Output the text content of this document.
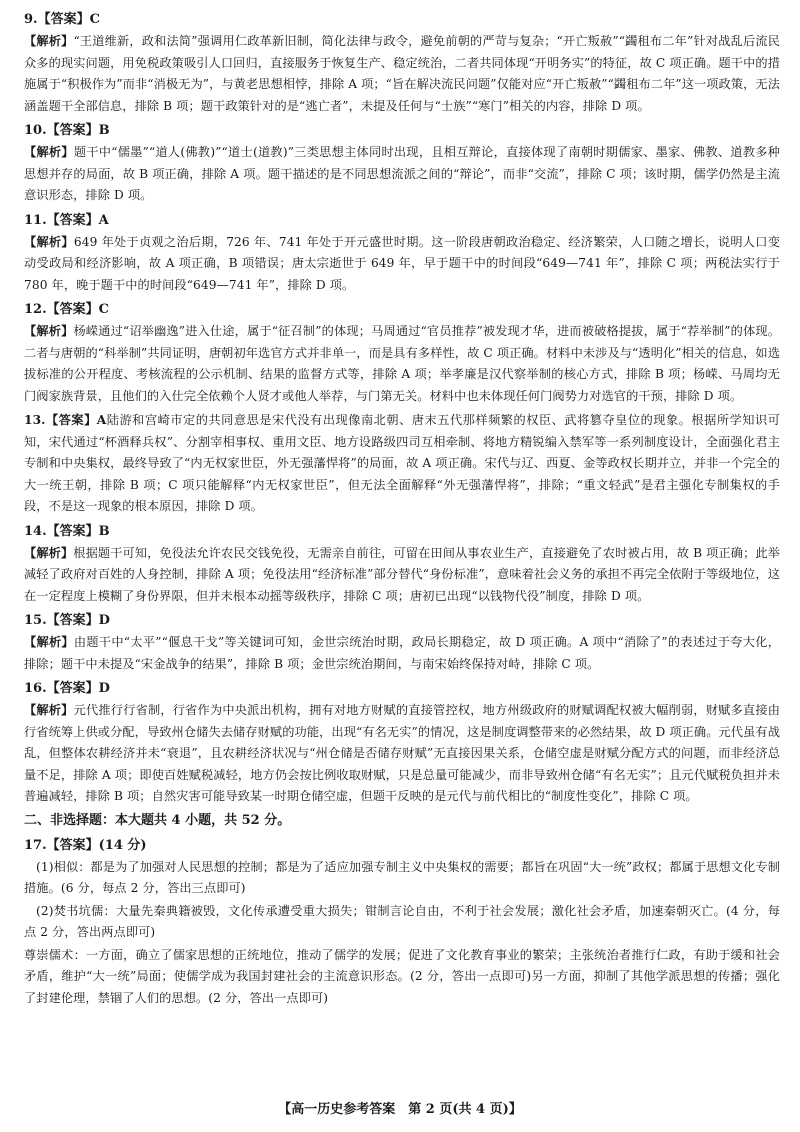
9.【答案】C

【解析】“王道维新，政和法简”强调用仁政革新旧制，简化法律与政令，避免前朝的严苛与复杂；“开亡叛赦”“蠲租布二年”针对战乱后流民众多的现实问题，用免税政策吸引人口回归，直接服务于恢复生产、稳定统治，二者共同体现“开明务实”的特征，故 C 项正确。题干中的措施属于“积极作为”而非“消极无为”，与黄老思想相悖，排除 A 项；“旨在解决流民问题”仅能对应“开亡叛赦”“蠲租布二年”这一项政策，无法涵盖题干全部信息，排除 B 项；题干政策针对的是“逃亡者”，未提及任何与“士族”“寒门”相关的内容，排除 D 项。

10.【答案】B

【解析】题干中“儒墨”“道人(佛教)”“道士(道教)”三类思想主体同时出现，且相互辩论，直接体现了南朝时期儒家、墨家、佛教、道教多种思想并存的局面，故 B 项正确，排除 A 项。题干描述的是不同思想流派之间的“辩论”，而非“交流”，排除 C 项；该时期，儒学仍然是主流意识形态，排除 D 项。

11.【答案】A

【解析】649 年处于贞观之治后期，726 年、741 年处于开元盛世时期。这一阶段唐朝政治稳定、经济繁荣，人口随之增长，说明人口变动受政局和经济影响，故 A 项正确，B 项错误；唐太宗逝世于 649 年，早于题干中的时间段“649—741 年”，排除 C 项；两税法实行于 780 年，晚于题干中的时间段“649—741 年”，排除 D 项。

12.【答案】C

【解析】杨嵘通过“诏举幽逸”进入仕途，属于“征召制”的体现；马周通过“官员推荐”被发现才华，进而被破格提拔，属于“荐举制”的体现。二者与唐朝的“科举制”共同证明，唐朝初年选官方式并非单一，而是具有多样性，故 C 项正确。材料中未涉及与“透明化”相关的信息，如选拔标准的公开程度、考核流程的公示机制、结果的监督方式等，排除 A 项；举孝廉是汉代察举制的核心方式，排除 B 项；杨嵘、马周均无门阀家族背景，且他们的入仕完全依赖个人贤才或他人举荐，与门第无关。材料中也未体现任何门阀势力对选官的干预，排除 D 项。

13.【答案】A陆游和宫崎市定的共同意思是宋代没有出现像南北朝、唐末五代那样频繁的权臣、武将篡夺皇位的现象。根据所学知识可知，宋代通过“杯酒释兵权”、分割宰相事权、重用文臣、地方设路级四司互相牵制、将地方精锐编入禁军等一系列制度设计，全面强化君主专制和中央集权，最终导致了“内无权家世臣，外无强藩悍将”的局面，故 A 项正确。宋代与辽、西夏、金等政权长期并立，并非一个完全的大一统王朝，排除 B 项；C 项只能解释“内无权家世臣”，但无法全面解释“外无强藩悍将”，排除；“重文轻武”是君主强化专制集权的手段，不是这一现象的根本原因，排除 D 项。

14.【答案】B

【解析】根据题干可知，免役法允许农民交钱免役，无需亲自前往，可留在田间从事农业生产，直接避免了农时被占用，故 B 项正确；此举减轻了政府对百姓的人身控制，排除 A 项；免役法用“经济标准”部分替代“身份标准”，意味着社会义务的承担不再完全依附于等级地位，这在一定程度上模糊了身份界限，但并未根本动摇等级秩序，排除 C 项；唐初已出现“以钱物代役”制度，排除 D 项。

15.【答案】D

【解析】由题干中“太平”“偃息干戈”等关键词可知，金世宗统治时期，政局长期稳定，故 D 项正确。A 项中“消除了”的表述过于夸大化，排除；题干中未提及“宋金战争的结果”，排除 B 项；金世宗统治期间，与南宋始终保持对峙，排除 C 项。

16.【答案】D

【解析】元代推行行省制，行省作为中央派出机构，拥有对地方财赋的直接管控权，地方州级政府的财赋调配权被大幅削弱，财赋多直接由行省统筹上供或分配，导致州仓储失去储存财赋的功能，出现“有名无实”的情况，这是制度调整带来的必然结果，故 D 项正确。元代虽有战乱，但整体农耕经济并未“衰退”，且农耕经济状况与“州仓储是否储存财赋”无直接因果关系，仓储空虚是财赋分配方式的问题，而非经济总量不足，排除 A 项；即使百姓赋税减轻，地方仍会按比例收取财赋，只是总量可能减少，而非导致州仓储“有名无实”；且元代赋税负担并未普遍减轻，排除 B 项；自然灾害可能导致某一时期仓储空虚，但题干反映的是元代与前代相比的“制度性变化”，排除 C 项。

二、非选择题：本大题共 4 小题，共 52 分。
17.【答案】(14 分)

(1)相似：都是为了加强对人民思想的控制；都是为了适应加强专制主义中央集权的需要；都旨在巩固“大一统”政权；都属于思想文化专制措施。(6 分，每点 2 分，答出三点即可)

(2)焚书坑儒：大量先秦典籍被毁，文化传承遭受重大损失；钳制言论自由，不利于社会发展；激化社会矛盾，加速秦朝灭亡。(4 分，每点 2 分，答出两点即可)

尊崇儒术：一方面，确立了儒家思想的正统地位，推动了儒学的发展；促进了文化教育事业的繁荣；主张统治者推行仁政，有助于缓和社会矛盾，维护“大一统”局面；使儒学成为我国封建社会的主流意识形态。(2 分，答出一点即可)另一方面，抑制了其他学派思想的传播；强化了封建伦理，禁锢了人们的思想。(2 分，答出一点即可)

【高一历史参考答案　第 2 页(共 4 页)】
